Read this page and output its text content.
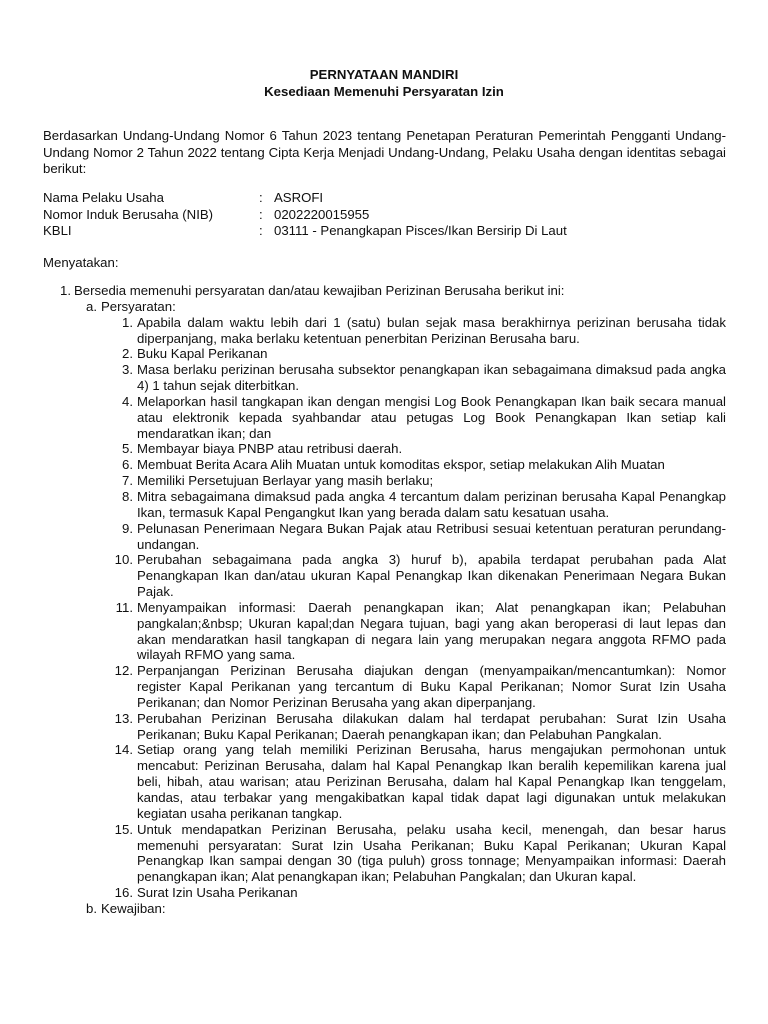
PERNYATAAN MANDIRI
Kesediaan Memenuhi Persyaratan Izin

Berdasarkan Undang-Undang Nomor 6 Tahun 2023 tentang Penetapan Peraturan Pemerintah Pengganti Undang-Undang Nomor 2 Tahun 2022 tentang Cipta Kerja Menjadi Undang-Undang, Pelaku Usaha dengan identitas sebagai berikut:

Nama Pelaku Usaha	: ASROFI
Nomor Induk Berusaha (NIB)	: 0202220015955
KBLI	: 03111 - Penangkapan Pisces/Ikan Bersirip Di Laut
Menyatakan:
1. Bersedia memenuhi persyaratan dan/atau kewajiban Perizinan Berusaha berikut ini:
a. Persyaratan:
1. Apabila dalam waktu lebih dari 1 (satu) bulan sejak masa berakhirnya perizinan berusaha tidak diperpanjang, maka berlaku ketentuan penerbitan Perizinan Berusaha baru.
2. Buku Kapal Perikanan
3. Masa berlaku perizinan berusaha subsektor penangkapan ikan sebagaimana dimaksud pada angka 4) 1 tahun sejak diterbitkan.
4. Melaporkan hasil tangkapan ikan dengan mengisi Log Book Penangkapan Ikan baik secara manual atau elektronik kepada syahbandar atau petugas Log Book Penangkapan Ikan setiap kali mendaratkan ikan; dan
5. Membayar biaya PNBP atau retribusi daerah.
6. Membuat Berita Acara Alih Muatan untuk komoditas ekspor, setiap melakukan Alih Muatan
7. Memiliki Persetujuan Berlayar yang masih berlaku;
8. Mitra sebagaimana dimaksud pada angka 4 tercantum dalam perizinan berusaha Kapal Penangkap Ikan, termasuk Kapal Pengangkut Ikan yang berada dalam satu kesatuan usaha.
9. Pelunasan Penerimaan Negara Bukan Pajak atau Retribusi sesuai ketentuan peraturan perundang-undangan.
10. Perubahan sebagaimana pada angka 3) huruf b), apabila terdapat perubahan pada Alat Penangkapan Ikan dan/atau ukuran Kapal Penangkap Ikan dikenakan Penerimaan Negara Bukan Pajak.
11. Menyampaikan informasi: Daerah penangkapan ikan; Alat penangkapan ikan; Pelabuhan pangkalan;&nbsp; Ukuran kapal;dan Negara tujuan, bagi yang akan beroperasi di laut lepas dan akan mendaratkan hasil tangkapan di negara lain yang merupakan negara anggota RFMO pada wilayah RFMO yang sama.
12. Perpanjangan Perizinan Berusaha diajukan dengan (menyampaikan/mencantumkan): Nomor register Kapal Perikanan yang tercantum di Buku Kapal Perikanan; Nomor Surat Izin Usaha Perikanan; dan Nomor Perizinan Berusaha yang akan diperpanjang.
13. Perubahan Perizinan Berusaha dilakukan dalam hal terdapat perubahan: Surat Izin Usaha Perikanan; Buku Kapal Perikanan; Daerah penangkapan ikan; dan Pelabuhan Pangkalan.
14. Setiap orang yang telah memiliki Perizinan Berusaha, harus mengajukan permohonan untuk mencabut: Perizinan Berusaha, dalam hal Kapal Penangkap Ikan beralih kepemilikan karena jual beli, hibah, atau warisan; atau Perizinan Berusaha, dalam hal Kapal Penangkap Ikan tenggelam, kandas, atau terbakar yang mengakibatkan kapal tidak dapat lagi digunakan untuk melakukan kegiatan usaha perikanan tangkap.
15. Untuk mendapatkan Perizinan Berusaha, pelaku usaha kecil, menengah, dan besar harus memenuhi persyaratan: Surat Izin Usaha Perikanan; Buku Kapal Perikanan; Ukuran Kapal Penangkap Ikan sampai dengan 30 (tiga puluh) gross tonnage; Menyampaikan informasi: Daerah penangkapan ikan; Alat penangkapan ikan; Pelabuhan Pangkalan; dan Ukuran kapal.
16. Surat Izin Usaha Perikanan
b. Kewajiban:
